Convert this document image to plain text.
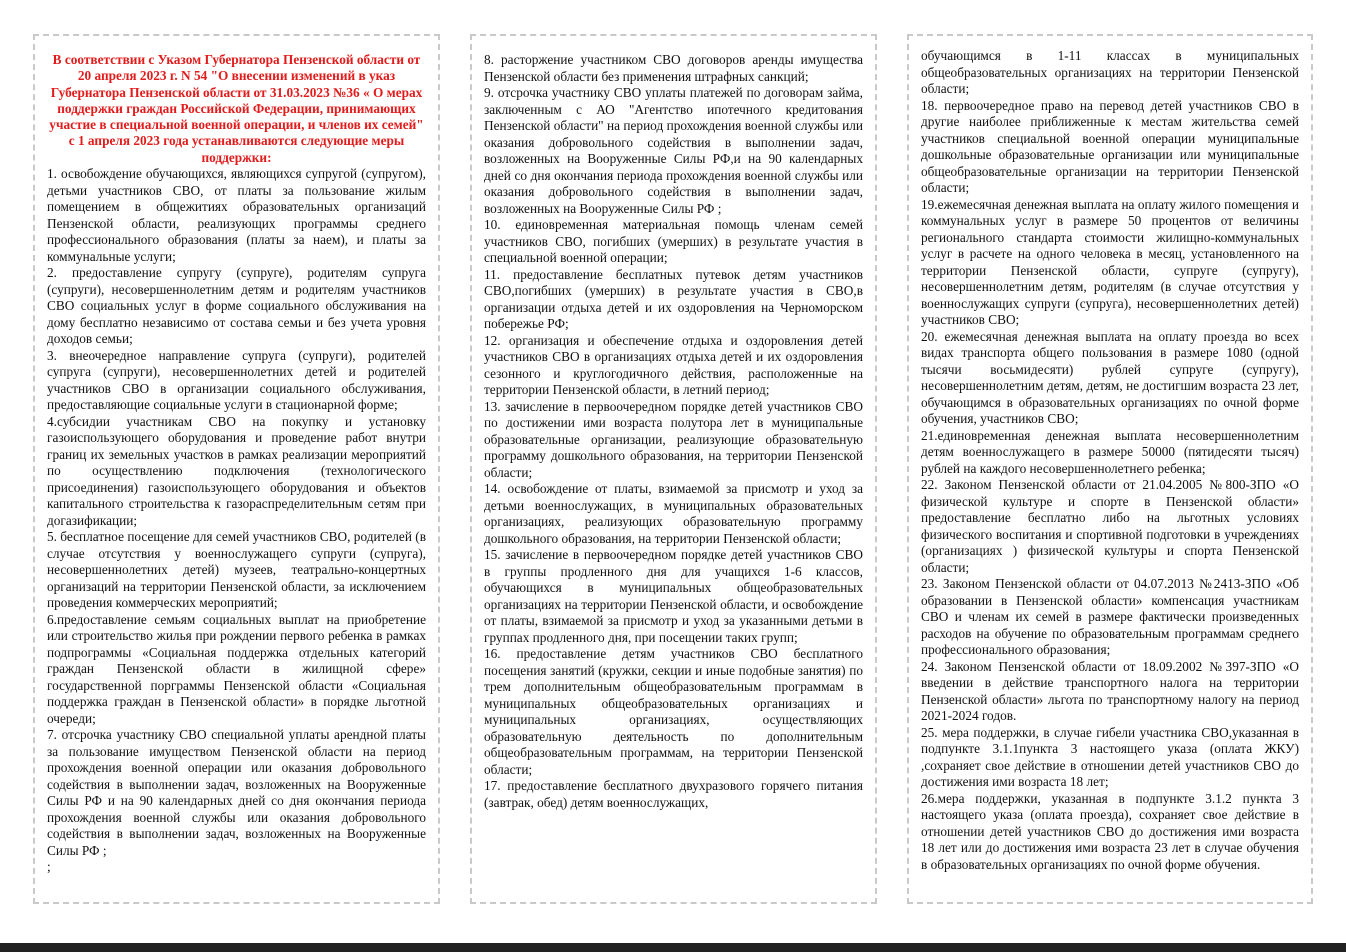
В соответствии с Указом Губернатора Пензенской области от 20 апреля 2023 г. N 54 "О внесении изменений в указ Губернатора Пензенской области от 31.03.2023 №36 « О мерах поддержки граждан Российской Федерации, принимающих участие в специальной военной операции, и членов их семей" с 1 апреля 2023 года устанавливаются следующие меры поддержки:

1. освобождение обучающихся, являющихся супругой (супругом), детьми участников СВО, от платы за пользование жилым помещением в общежитиях образовательных организаций Пензенской области, реализующих программы среднего профессионального образования (платы за наем), и платы за коммунальные услуги;

2. предоставление супругу (супруге), родителям супруга (супруги), несовершеннолетним детям и родителям участников СВО социальных услуг в форме социального обслуживания на дому бесплатно независимо от состава семьи и без учета уровня доходов семьи;

3. внеочередное направление супруга (супруги), родителей супруга (супруги), несовершеннолетних детей и родителей участников СВО в организации социального обслуживания, предоставляющие социальные услуги в стационарной форме;

4.субсидии участникам СВО на покупку и установку газоиспользующего оборудования и проведение работ внутри границ их земельных участков в рамках реализации мероприятий по осуществлению подключения (технологического присоединения) газоиспользующего оборудования и объектов капитального строительства к газораспределительным сетям при догазификации;

5. бесплатное посещение для семей участников СВО, родителей (в случае отсутствия у военнослужащего супруги (супруга), несовершеннолетних детей) музеев, театрально-концертных организаций на территории Пензенской области, за исключением проведения коммерческих мероприятий;

6.предоставление семьям социальных выплат на приобретение или строительство жилья при рождении первого ребенка в рамках подпрограммы «Социальная поддержка отдельных категорий граждан Пензенской области в жилищной сфере» государственной порграммы Пензенской области «Социальная поддержка граждан в Пензенской области» в порядке льготной очереди;

7. отсрочка участнику СВО специальной уплаты арендной платы за пользование имуществом Пензенской области на период прохождения военной операции или оказания добровольного содействия в выполнении задач, возложенных на Вооруженные Силы РФ и на 90 календарных дней со дня окончания периода прохождения военной службы или оказания добровольного содействия в выполнении задач, возложенных на Вооруженные Силы РФ ;

;

8. расторжение участником СВО договоров аренды имущества Пензенской области без применения штрафных санкций;

9. отсрочка участнику СВО уплаты платежей по договорам займа, заключенным с АО "Агентство ипотечного кредитования Пензенской области" на период прохождения военной службы или оказания добровольного содействия в выполнении задач, возложенных на Вооруженные Силы РФ,и на 90 календарных дней со дня окончания периода прохождения военной службы или оказания добровольного содействия в выполнении задач, возложенных на Вооруженные Силы РФ ;

10. единовременная материальная помощь членам семей участников СВО, погибших (умерших) в результате участия в специальной военной операции;

11. предоставление бесплатных путевок детям участников СВО,погибших (умерших) в результате участия в СВО,в организации отдыха детей и их оздоровления на Черноморском побережье РФ;

12. организация и обеспечение отдыха и оздоровления детей участников СВО в организациях отдыха детей и их оздоровления сезонного и круглогодичного действия, расположенные на территории Пензенской области, в летний период;

13. зачисление в первоочередном порядке детей участников СВО по достижении ими возраста полутора лет в муниципальные образовательные организации, реализующие образовательную программу дошкольного образования, на территории Пензенской области;

14. освобождение от платы, взимаемой за присмотр и уход за детьми военнослужащих, в муниципальных образовательных организациях, реализующих образовательную программу дошкольного образования, на территории Пензенской области;

15. зачисление в первоочередном порядке детей участников СВО в группы продленного дня для учащихся 1-6 классов, обучающихся в муниципальных общеобразовательных организациях на территории Пензенской области, и освобождение от платы, взимаемой за присмотр и уход за указанными детьми в группах продленного дня, при посещении таких групп;

16. предоставление детям участников СВО бесплатного посещения занятий (кружки, секции и иные подобные занятия) по трем дополнительным общеобразовательным программам в муниципальных общеобразовательных организациях и муниципальных организациях, осуществляющих образовательную деятельность по дополнительным общеобразовательным программам, на территории Пензенской области;

17. предоставление бесплатного двухразового горячего питания (завтрак, обед) детям военнослужащих,

обучающимся в 1-11 классах в муниципальных общеобразовательных организациях на территории Пензенской области;

18. первоочередное право на перевод детей участников СВО в другие наиболее приближенные к местам жительства семей участников специальной военной операции муниципальные дошкольные образовательные организации или муниципальные общеобразовательные организации на территории Пензенской области;

19.ежемесячная денежная выплата на оплату жилого помещения и коммунальных услуг в размере 50 процентов от величины регионального стандарта стоимости жилищно-коммунальных услуг в расчете на одного человека в месяц, установленного на территории Пензенской области, супруге (супругу), несовершеннолетним детям, родителям (в случае отсутствия у военнослужащих супруги (супруга), несовершеннолетних детей) участников СВО;

20. ежемесячная денежная выплата на оплату проезда во всех видах транспорта общего пользования в размере 1080 (одной тысячи восьмидесяти) рублей супруге (супругу), несовершеннолетним детям, детям, не достигшим возраста 23 лет, обучающимся в образовательных организациях по очной форме обучения, участников СВО;

21.единовременная денежная выплата несовершеннолетним детям военнослужащего в размере 50000 (пятидесяти тысяч) рублей на каждого несовершеннолетнего ребенка;

22. Законом Пензенской области от 21.04.2005 №800-ЗПО «О физической культуре и спорте в Пензенской области» предоставление бесплатно либо на льготных условиях физического воспитания и спортивной подготовки в учреждениях (организациях ) физической культуры и спорта Пензенской области;

23. Законом Пензенской области от 04.07.2013 №2413-ЗПО «Об образовании в Пензенской области» компенсация участникам СВО и членам их семей в размере фактически произведенных расходов на обучение по образовательным программам среднего профессионального образования;

24. Законом Пензенской области от 18.09.2002 №397-ЗПО «О введении в действие транспортного налога на территории Пензенской области» льгота по транспортному налогу на период 2021-2024 годов.

25. мера поддержки, в случае гибели участника СВО,указанная в подпункте 3.1.1пункта 3 настоящего указа (оплата ЖКУ) ,сохраняет свое действие в отношении детей участников СВО до достижения ими возраста 18 лет;

26.мера поддержки, указанная в подпункте 3.1.2 пункта 3 настоящего указа (оплата проезда), сохраняет свое действие в отношении детей участников СВО до достижения ими возраста 18 лет или до достижения ими возраста 23 лет в случае обучения в образовательных организациях по очной форме обучения.
